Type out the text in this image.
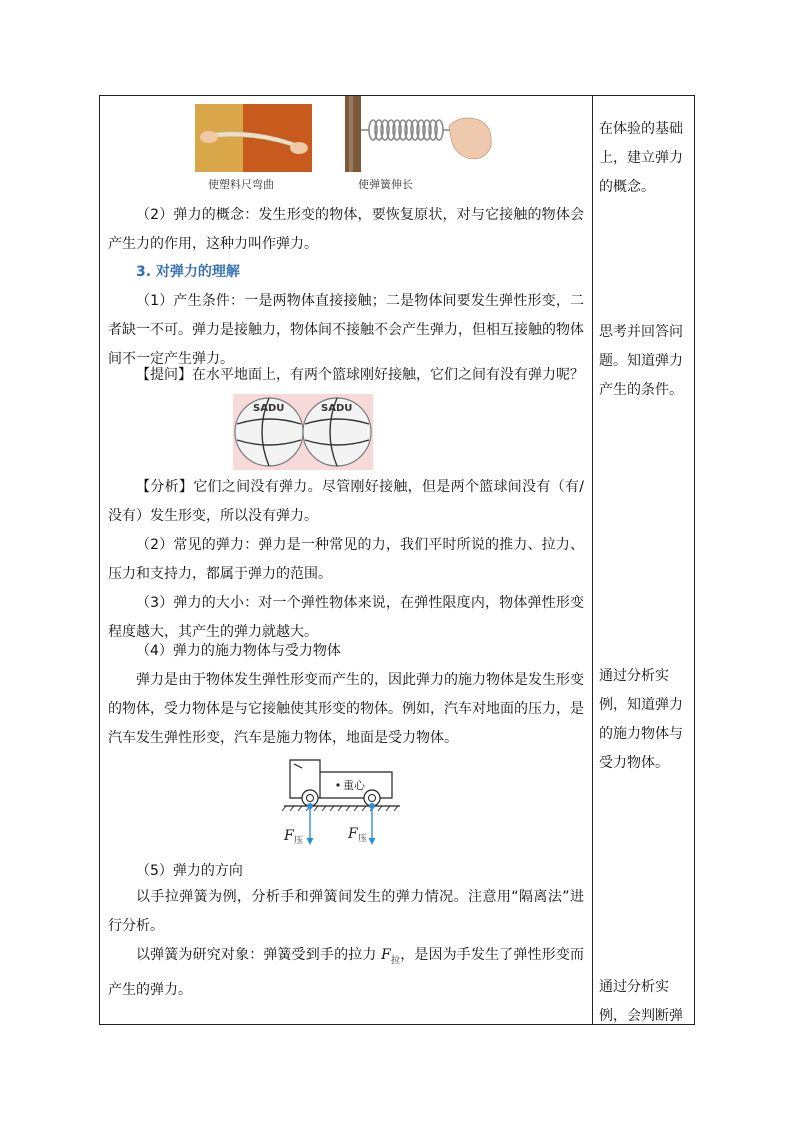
使塑料尺弯曲	使弹簧伸长

（2）弹力的概念：发生形变的物体，要恢复原状，对与它接触的物体会产生力的作用，这种力叫作弹力。

3. 对弹力的理解

（1）产生条件：一是两物体直接接触；二是物体间要发生弹性形变，二者缺一不可。弹力是接触力，物体间不接触不会产生弹力，但相互接触的物体间不一定产生弹力。

【提问】在水平地面上，有两个篮球刚好接触，它们之间有没有弹力呢？

SADU	SADU

【分析】它们之间没有弹力。尽管刚好接触，但是两个篮球间没有（有/没有）发生形变，所以没有弹力。

（2）常见的弹力：弹力是一种常见的力，我们平时所说的推力、拉力、压力和支持力，都属于弹力的范围。

（3）弹力的大小：对一个弹性物体来说，在弹性限度内，物体弹性形变程度越大，其产生的弹力就越大。

（4）弹力的施力物体与受力物体

弹力是由于物体发生弹性形变而产生的，因此弹力的施力物体是发生形变的物体，受力物体是与它接触使其形变的物体。例如，汽车对地面的压力，是汽车发生弹性形变，汽车是施力物体，地面是受力物体。

重心
F 压	F 压

（5）弹力的方向

以手拉弹簧为例，分析手和弹簧间发生的弹力情况。注意用“隔离法”进行分析。

以弹簧为研究对象：弹簧受到手的拉力 $F_拉$，是因为手发生了弹性形变而产生的弹力。

在体验的基础上，建立弹力的概念。

思考并回答问题。知道弹力产生的条件。

通过分析实例，知道弹力的施力物体与受力物体。

通过分析实例，会判断弹
